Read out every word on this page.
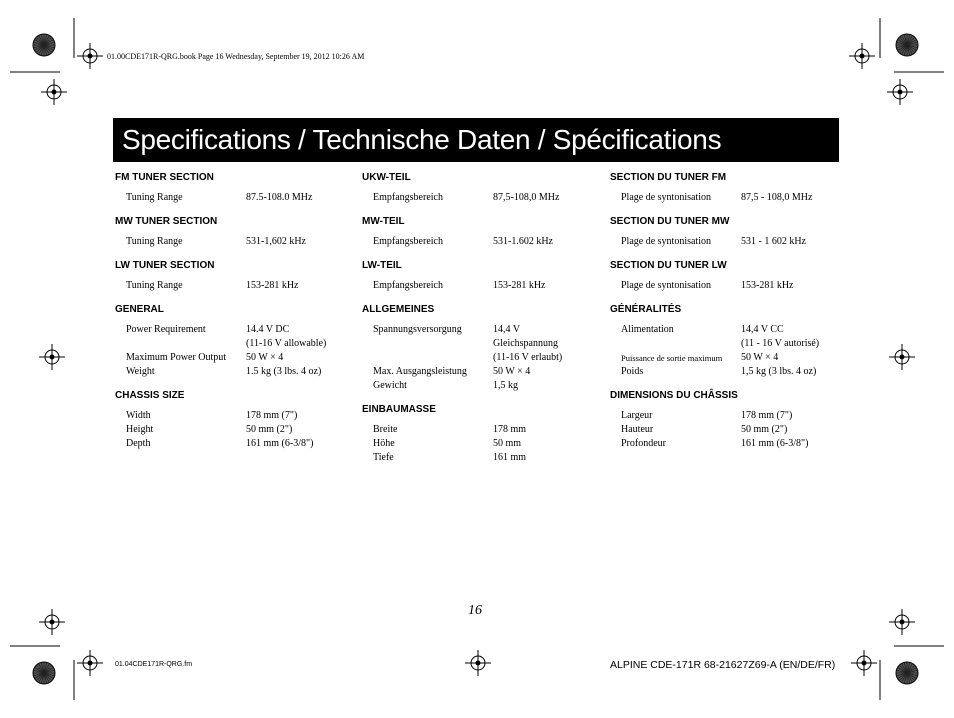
01.00CDE171R-QRG.book Page 16 Wednesday, September 19, 2012 10:26 AM
Specifications / Technische Daten / Spécifications
FM TUNER SECTION
Tuning Range	87.5-108.0 MHz
MW TUNER SECTION
Tuning Range	531-1,602 kHz
LW TUNER SECTION
Tuning Range	153-281 kHz
GENERAL
Power Requirement	14.4 V DC
(11-16 V allowable)
Maximum Power Output 50 W × 4
Weight	1.5 kg (3 lbs. 4 oz)
CHASSIS SIZE
Width	178 mm (7")
Height	50 mm (2")
Depth	161 mm (6-3/8")
UKW-TEIL
Empfangsbereich	87,5-108,0 MHz
MW-TEIL
Empfangsbereich	531-1.602 kHz
LW-TEIL
Empfangsbereich	153-281 kHz
ALLGEMEINES
Spannungsversorgung	14,4 V
Gleichspannung
(11-16 V erlaubt)
Max. Ausgangsleistung	50 W × 4
Gewicht	1,5 kg
EINBAUMASSE
Breite	178 mm
Höhe	50 mm
Tiefe	161 mm
SECTION DU TUNER FM
Plage de syntonisation	87,5 - 108,0 MHz
SECTION DU TUNER MW
Plage de syntonisation	531 - 1 602 kHz
SECTION DU TUNER LW
Plage de syntonisation	153-281 kHz
GÉNÉRALITÉS
Alimentation	14,4 V CC
(11 - 16 V autorisé)
Puissance de sortie maximum 50 W × 4
Poids	1,5 kg (3 lbs. 4 oz)
DIMENSIONS DU CHÂSSIS
Largeur	178 mm (7")
Hauteur	50 mm (2")
Profondeur	161 mm (6-3/8")
16
01.04CDE171R-QRG.fm	ALPINE CDE-171R 68-21627Z69-A (EN/DE/FR)
